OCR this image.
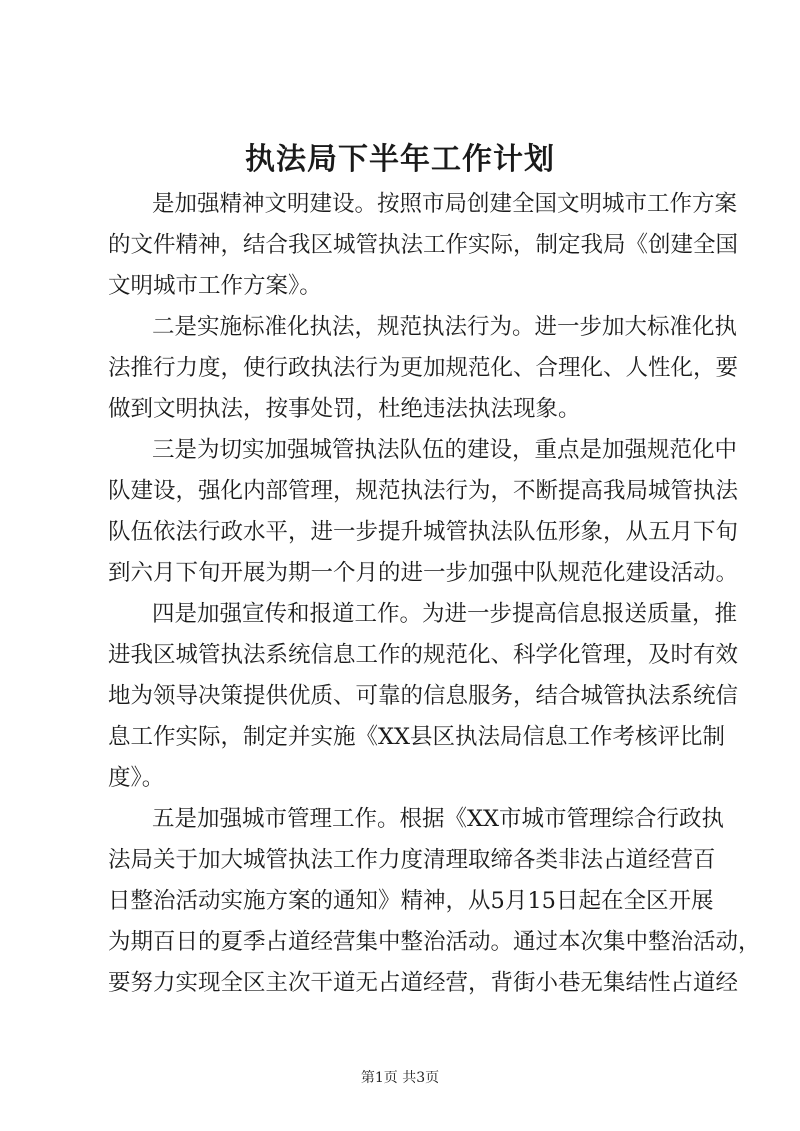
执法局下半年工作计划

是加强精神文明建设。按照市局创建全国文明城市工作方案
的文件精神，结合我区城管执法工作实际，制定我局《创建全国
文明城市工作方案》。

二是实施标准化执法，规范执法行为。进一步加大标准化执
法推行力度，使行政执法行为更加规范化、合理化、人性化，要
做到文明执法，按事处罚，杜绝违法执法现象。

三是为切实加强城管执法队伍的建设，重点是加强规范化中
队建设，强化内部管理，规范执法行为，不断提高我局城管执法
队伍依法行政水平，进一步提升城管执法队伍形象，从五月下旬
到六月下旬开展为期一个月的进一步加强中队规范化建设活动。

四是加强宣传和报道工作。为进一步提高信息报送质量，推
进我区城管执法系统信息工作的规范化、科学化管理，及时有效
地为领导决策提供优质、可靠的信息服务，结合城管执法系统信
息工作实际，制定并实施《XX县区执法局信息工作考核评比制
度》。

五是加强城市管理工作。根据《XX市城市管理综合行政执
法局关于加大城管执法工作力度清理取缔各类非法占道经营百
日整治活动实施方案的通知》精神，从5月15日起在全区开展
为期百日的夏季占道经营集中整治活动。通过本次集中整治活动，
要努力实现全区主次干道无占道经营，背街小巷无集结性占道经

第1页 共3页
